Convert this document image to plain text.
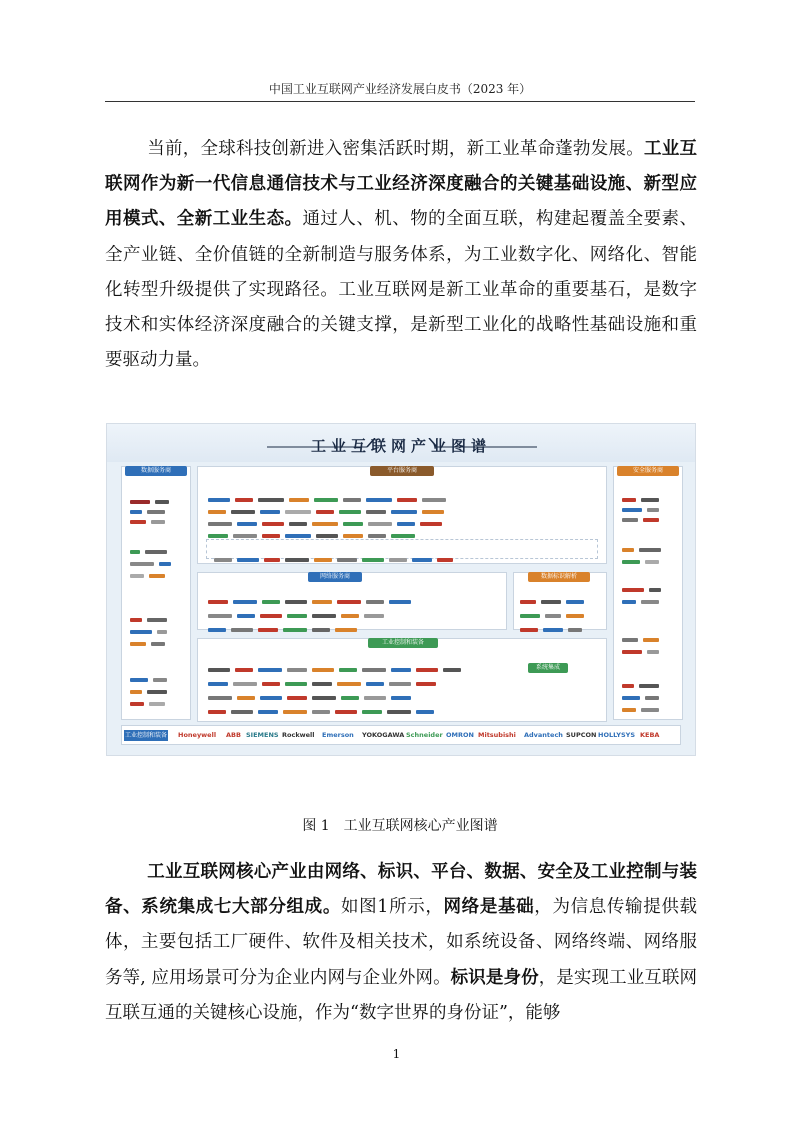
中国工业互联网产业经济发展白皮书（2023 年）
当前，全球科技创新进入密集活跃时期，新工业革命蓬勃发展。工业互联网作为新一代信息通信技术与工业经济深度融合的关键基础设施、新型应用模式、全新工业生态。通过人、机、物的全面互联，构建起覆盖全要素、全产业链、全价值链的全新制造与服务体系，为工业数字化、网络化、智能化转型升级提供了实现路径。工业互联网是新工业革命的重要基石，是数字技术和实体经济深度融合的关键支撑，是新型工业化的战略性基础设施和重要驱动力量。
工业互联网产业图谱
数据服务商	平台服务商	安全服务商
网络服务商	数据标识解析
工业控制和装备
系统集成
工业控制和装备 Honeywell ABB SIEMENS Rockwell Emerson YOKOGAWA Schneider OMRON Mitsubishi Advantech SUPCON HOLLYSYS KEBA
图 1 工业互联网核心产业图谱
工业互联网核心产业由网络、标识、平台、数据、安全及工业控制与装备、系统集成七大部分组成。如图1所示，网络是基础，为信息传输提供载体，主要包括工厂硬件、软件及相关技术，如系统设备、网络终端、网络服务等, 应用场景可分为企业内网与企业外网。标识是身份，是实现工业互联网互联互通的关键核心设施，作为“数字世界的身份证”，能够
1
